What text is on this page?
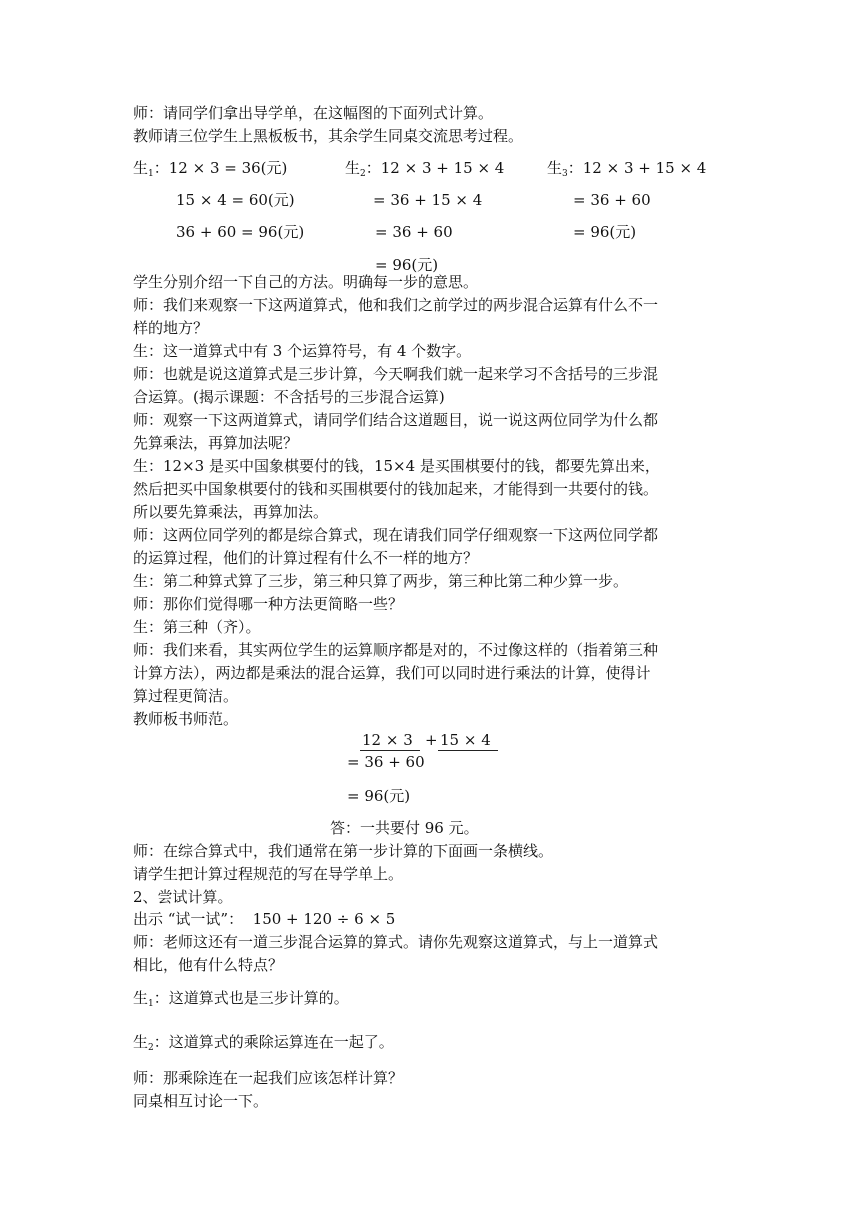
师：请同学们拿出导学单，在这幅图的下面列式计算。
教师请三位学生上黑板板书，其余学生同桌交流思考过程。
生$_1$：12 × 3 = 36(元)
15 × 4 = 60(元)
36 + 60 = 96(元)
生$_2$：12 × 3 + 15 × 4
= 36 + 15 × 4
= 36 + 60
= 96(元)
生$_3$：12 × 3 + 15 × 4
= 36 + 60
= 96(元)
学生分别介绍一下自己的方法。明确每一步的意思。
师：我们来观察一下这两道算式，他和我们之前学过的两步混合运算有什么不一
样的地方？
生：这一道算式中有 3 个运算符号，有 4 个数字。
师：也就是说这道算式是三步计算，今天啊我们就一起来学习不含括号的三步混
合运算。(揭示课题：不含括号的三步混合运算)
师：观察一下这两道算式，请同学们结合这道题目，说一说这两位同学为什么都
先算乘法，再算加法呢？
生：12×3 是买中国象棋要付的钱，15×4 是买围棋要付的钱，都要先算出来，
然后把买中国象棋要付的钱和买围棋要付的钱加起来，才能得到一共要付的钱。
所以要先算乘法，再算加法。
师：这两位同学列的都是综合算式，现在请我们同学仔细观察一下这两位同学都
的运算过程，他们的计算过程有什么不一样的地方？
生：第二种算式算了三步，第三种只算了两步，第三种比第二种少算一步。
师：那你们觉得哪一种方法更简略一些？
生：第三种（齐）。
师：我们来看，其实两位学生的运算顺序都是对的，不过像这样的（指着第三种
计算方法），两边都是乘法的混合运算，我们可以同时进行乘法的计算，使得计
算过程更简洁。
教师板书师范。
12 × 3 + 15 × 4
= 36 + 60
= 96(元)
答：一共要付 96 元。
师：在综合算式中，我们通常在第一步计算的下面画一条横线。
请学生把计算过程规范的写在导学单上。
2、尝试计算。
出示 “试一试”： 150 + 120 ÷ 6 × 5
师：老师这还有一道三步混合运算的算式。请你先观察这道算式，与上一道算式
相比，他有什么特点？
生$_1$：这道算式也是三步计算的。
生$_2$：这道算式的乘除运算连在一起了。
师：那乘除连在一起我们应该怎样计算？
同桌相互讨论一下。
